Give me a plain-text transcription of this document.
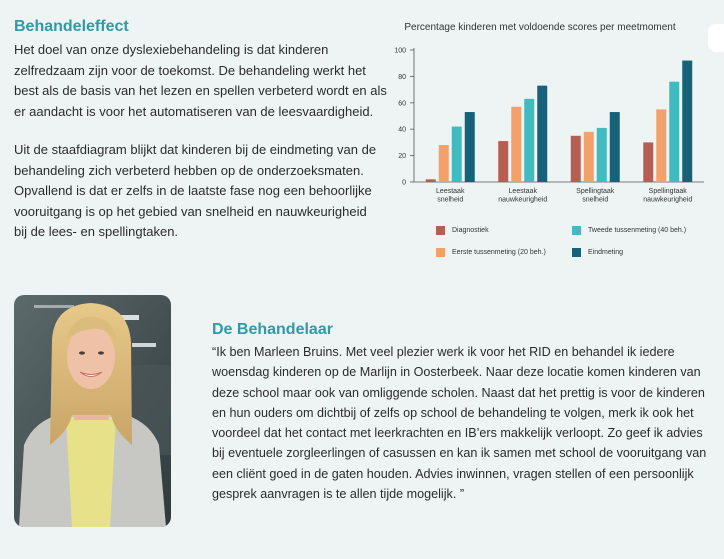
Behandeleffect
Het doel van onze dyslexiebehandeling is dat kinderen
zelfredzaam zijn voor de toekomst. De behandeling werkt het
best als de basis van het lezen en spellen verbeterd wordt en als
er aandacht is voor het automatiseren van de leesvaardigheid.
Uit de staafdiagram blijkt dat kinderen bij de eindmeting van de
behandeling zich verbeterd hebben op de onderzoeksmaten.
Opvallend is dat er zelfs in de laatste fase nog een behoorlijke
vooruitgang is op het gebied van snelheid en nauwkeurigheid
bij de lees- en spellingtaken.
Percentage kinderen met voldoende scores per meetmoment
0
20
40
60
80
100
Leestaak
snelheid
Leestaak
nauwkeurigheid
Spellingtaak
snelheid
Spellingtaak
nauwkeurigheid
Diagnostiek
Eerste tussenmeting (20 beh.)
Tweede tussenmeting (40 beh.)
Eindmeting
De Behandelaar
“Ik ben Marleen Bruins. Met veel plezier werk ik voor het RID en behandel ik iedere
woensdag kinderen op de Marlijn in Oosterbeek. Naar deze locatie komen kinderen van
deze school maar ook van omliggende scholen. Naast dat het prettig is voor de kinderen
en hun ouders om dichtbij of zelfs op school de behandeling te volgen, merk ik ook het
voordeel dat het contact met leerkrachten en IB’ers makkelijk verloopt. Zo geef ik advies
bij eventuele zorgleerlingen of casussen en kan ik samen met school de vooruitgang van
een cliënt goed in de gaten houden. Advies inwinnen, vragen stellen of een persoonlijk
gesprek aanvragen is te allen tijde mogelijk. ”
